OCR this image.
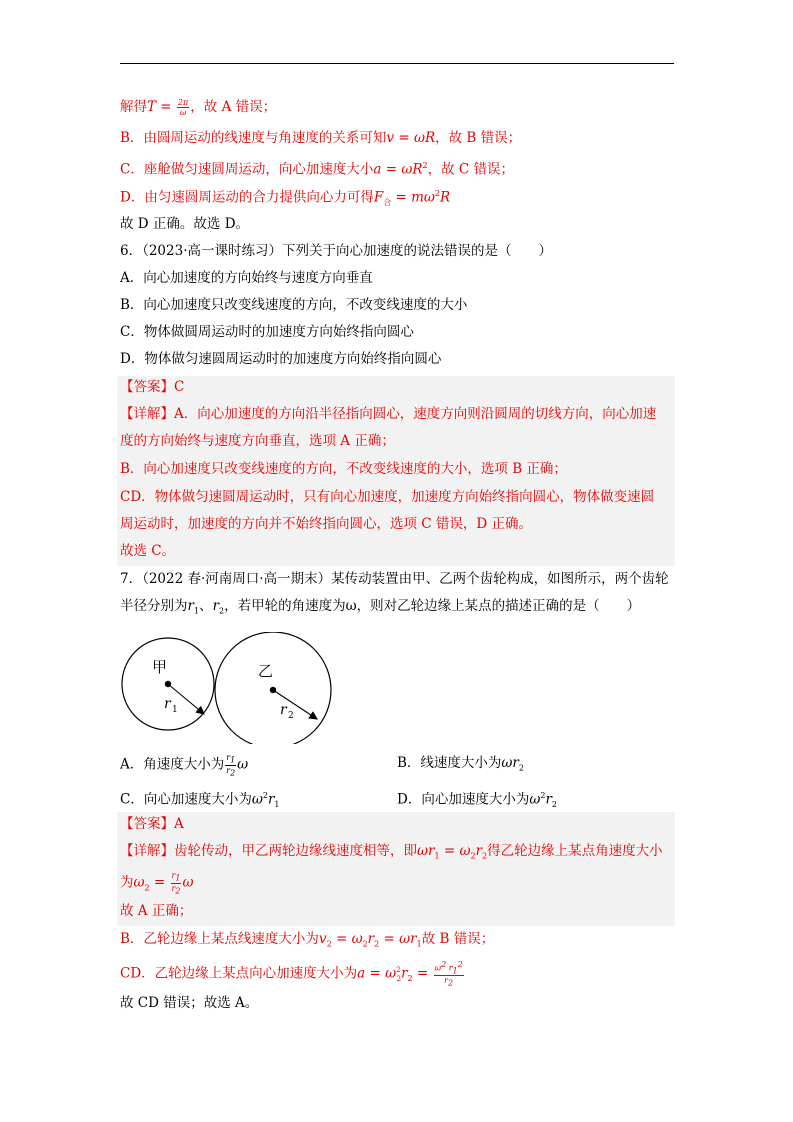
解得$T = \frac{2\pi}{\omega}$ ，故 A 错误；
B．由圆周运动的线速度与角速度的关系可知v = ωR，故 B 错误；
C．座舱做匀速圆周运动，向心加速度大小$a = \omega R^2$，故 C 错误；
D．由匀速圆周运动的合力提供向心力可得$F_合 = m\omega^2R$
故 D 正确。故选 D。
6．（2023·高一课时练习）下列关于向心加速度的说法错误的是（　　）
A．向心加速度的方向始终与速度方向垂直
B．向心加速度只改变线速度的方向，不改变线速度的大小
C．物体做圆周运动时的加速度方向始终指向圆心
D．物体做匀速圆周运动时的加速度方向始终指向圆心
【答案】C
【详解】A．向心加速度的方向沿半径指向圆心，速度方向则沿圆周的切线方向，向心加速
度的方向始终与速度方向垂直，选项 A 正确；
B．向心加速度只改变线速度的方向，不改变线速度的大小，选项 B 正确；
CD．物体做匀速圆周运动时，只有向心加速度，加速度方向始终指向圆心，物体做变速圆
周运动时，加速度的方向并不始终指向圆心，选项 C 错误，D 正确。
故选 C。
7．（2022 春·河南周口·高一期末）某传动装置由甲、乙两个齿轮构成，如图所示，两个齿轮
半径分别为$r_1$、$r_2$，若甲轮的角速度为ω，则对乙轮边缘上某点的描述正确的是（　　）
甲	乙
r 1	r 2
A．角速度大小为 $\frac{r_1}{r_2}$ ω	B．线速度大小为$\omega r_2$
C．向心加速度大小为$\omega^2r_1$	D．向心加速度大小为$\omega^2r_2$
【答案】A
【详解】齿轮传动，甲乙两轮边缘线速度相等，即$\omega r_1 = \omega_2r_2$得乙轮边缘上某点角速度大小
为$\omega_2 = \frac{r_1}{r_2}$ ω
故 A 正确；
B．乙轮边缘上某点线速度大小为$v_2 = \omega_2r_2 = \omega r_1$故 B 错误；
CD．乙轮边缘上某点向心加速度大小为$a = \omega^2_2r_2 = \frac{\omega^2 r_1^2}{r_2}$
故 CD 错误；故选 A。
